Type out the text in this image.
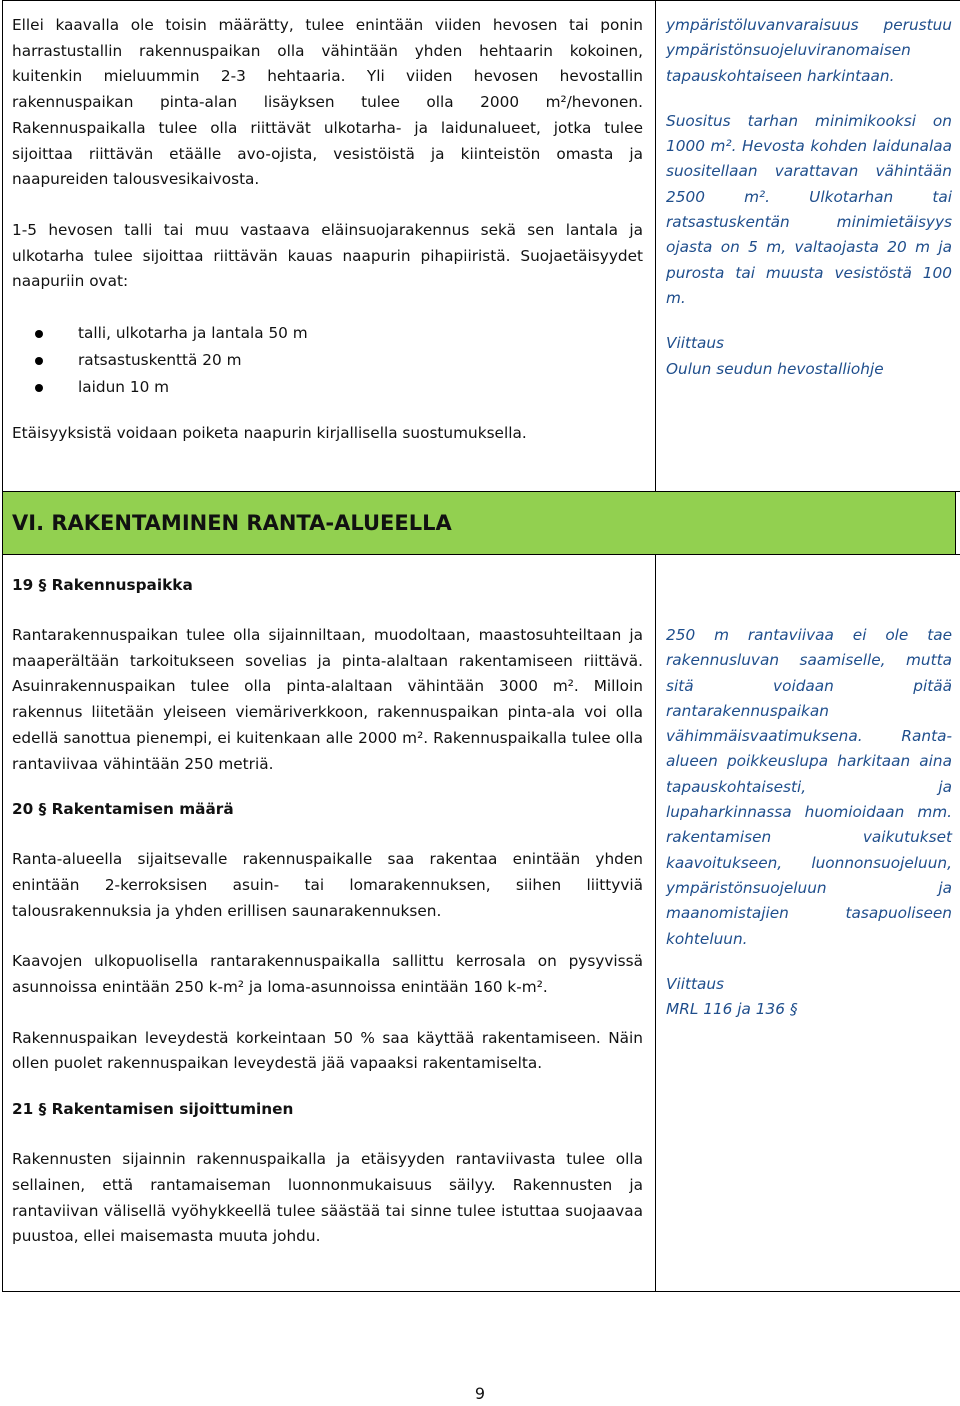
Ellei kaavalla ole toisin määrätty, tulee enintään viiden hevosen tai ponin harrastustallin rakennuspaikan olla vähintään yhden hehtaarin kokoinen, kuitenkin mieluummin 2-3 hehtaaria. Yli viiden hevosen hevostallin rakennuspaikan pinta-alan lisäyksen tulee olla 2000 m²/hevonen. Rakennuspaikalla tulee olla riittävät ulkotarha- ja laidunalueet, jotka tulee sijoittaa riittävän etäälle avo-ojista, vesistöistä ja kiinteistön omasta ja naapureiden talousvesikaivosta.

1-5 hevosen talli tai muu vastaava eläinsuojarakennus sekä sen lantala ja ulkotarha tulee sijoittaa riittävän kauas naapurin pihapiiristä. Suojaetäisyydet naapuriin ovat:

talli, ulkotarha ja lantala 50 m
ratsastuskenttä 20 m
laidun 10 m

Etäisyyksistä voidaan poiketa naapurin kirjallisella suostumuksella.

ympäristöluvanvaraisuus perustuu ympäristönsuojeluviranomaisen tapauskohtaiseen harkintaan.

Suositus tarhan minimikooksi on 1000 m². Hevosta kohden laidunalaa suositellaan varattavan vähintään 2500 m². Ulkotarhan tai ratsastuskentän minimietäisyys ojasta on 5 m, valtaojasta 20 m ja purosta tai muusta vesistöstä 100 m.

Viittaus

Oulun seudun hevostalliohje

VI. RAKENTAMINEN RANTA-ALUEELLA
19 § Rakennuspaikka

Rantarakennuspaikan tulee olla sijainniltaan, muodoltaan, maastosuhteiltaan ja maaperältään tarkoitukseen sovelias ja pinta-alaltaan rakentamiseen riittävä. Asuinrakennuspaikan tulee olla pinta-alaltaan vähintään 3000 m². Milloin rakennus liitetään yleiseen viemäriverkkoon, rakennuspaikan pinta-ala voi olla edellä sanottua pienempi, ei kuitenkaan alle 2000 m². Rakennuspaikalla tulee olla rantaviivaa vähintään 250 metriä.

20 § Rakentamisen määrä

Ranta-alueella sijaitsevalle rakennuspaikalle saa rakentaa enintään yhden enintään 2-kerroksisen asuin- tai lomarakennuksen, siihen liittyviä talousrakennuksia ja yhden erillisen saunarakennuksen.

Kaavojen ulkopuolisella rantarakennuspaikalla sallittu kerrosala on pysyvissä asunnoissa enintään 250 k-m² ja loma-asunnoissa enintään 160 k-m².

Rakennuspaikan leveydestä korkeintaan 50 % saa käyttää rakentamiseen. Näin ollen puolet rakennuspaikan leveydestä jää vapaaksi rakentamiselta.

21 § Rakentamisen sijoittuminen

Rakennusten sijainnin rakennuspaikalla ja etäisyyden rantaviivasta tulee olla sellainen, että rantamaiseman luonnonmukaisuus säilyy. Rakennusten ja rantaviivan välisellä vyöhykkeellä tulee säästää tai sinne tulee istuttaa suojaavaa puustoa, ellei maisemasta muuta johdu.

250 m rantaviivaa ei ole tae rakennusluvan saamiselle, mutta sitä voidaan pitää rantarakennuspaikan vähimmäisvaatimuksena. Ranta-alueen poikkeuslupa harkitaan aina tapauskohtaisesti, ja lupaharkinnassa huomioidaan mm. rakentamisen vaikutukset kaavoitukseen, luonnonsuojeluun, ympäristönsuojeluun ja maanomistajien tasapuoliseen kohteluun.

Viittaus

MRL 116 ja 136 §

9
